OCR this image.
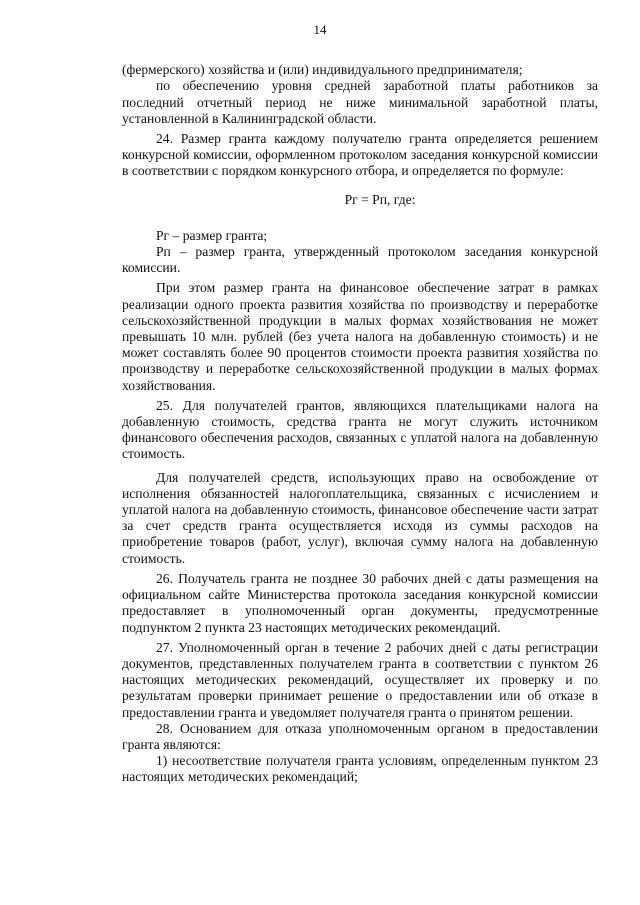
14

(фермерского) хозяйства и (или) индивидуального предпринимателя;

по обеспечению уровня средней заработной платы работников за последний отчетный период не ниже минимальной заработной платы, установленной в Калининградской области.

24. Размер гранта каждому получателю гранта определяется решением конкурсной комиссии, оформленном протоколом заседания конкурсной комиссии в соответствии с порядком конкурсного отбора, и определяется по формуле:

Рг = Рп, где:

Рг – размер гранта;

Рп – размер гранта, утвержденный протоколом заседания конкурсной комиссии.

При этом размер гранта на финансовое обеспечение затрат в рамках реализации одного проекта развития хозяйства по производству и переработке сельскохозяйственной продукции в малых формах хозяйствования не может превышать 10 млн. рублей (без учета налога на добавленную стоимость) и не может составлять более 90 процентов стоимости проекта развития хозяйства по производству и переработке сельскохозяйственной продукции в малых формах хозяйствования.

25. Для получателей грантов, являющихся плательщиками налога на добавленную стоимость, средства гранта не могут служить источником финансового обеспечения расходов, связанных с уплатой налога на добавленную стоимость.

Для получателей средств, использующих право на освобождение от исполнения обязанностей налогоплательщика, связанных с исчислением и уплатой налога на добавленную стоимость, финансовое обеспечение части затрат за счет средств гранта осуществляется исходя из суммы расходов на приобретение товаров (работ, услуг), включая сумму налога на добавленную стоимость.

26. Получатель гранта не позднее 30 рабочих дней с даты размещения на официальном сайте Министерства протокола заседания конкурсной комиссии предоставляет в уполномоченный орган документы, предусмотренные подпунктом 2 пункта 23 настоящих методических рекомендаций.

27. Уполномоченный орган в течение 2 рабочих дней с даты регистрации документов, представленных получателем гранта в соответствии с пунктом 26 настоящих методических рекомендаций, осуществляет их проверку и по результатам проверки принимает решение о предоставлении или об отказе в предоставлении гранта и уведомляет получателя гранта о принятом решении.

28. Основанием для отказа уполномоченным органом в предоставлении гранта являются:

1) несоответствие получателя гранта условиям, определенным пунктом 23 настоящих методических рекомендаций;
